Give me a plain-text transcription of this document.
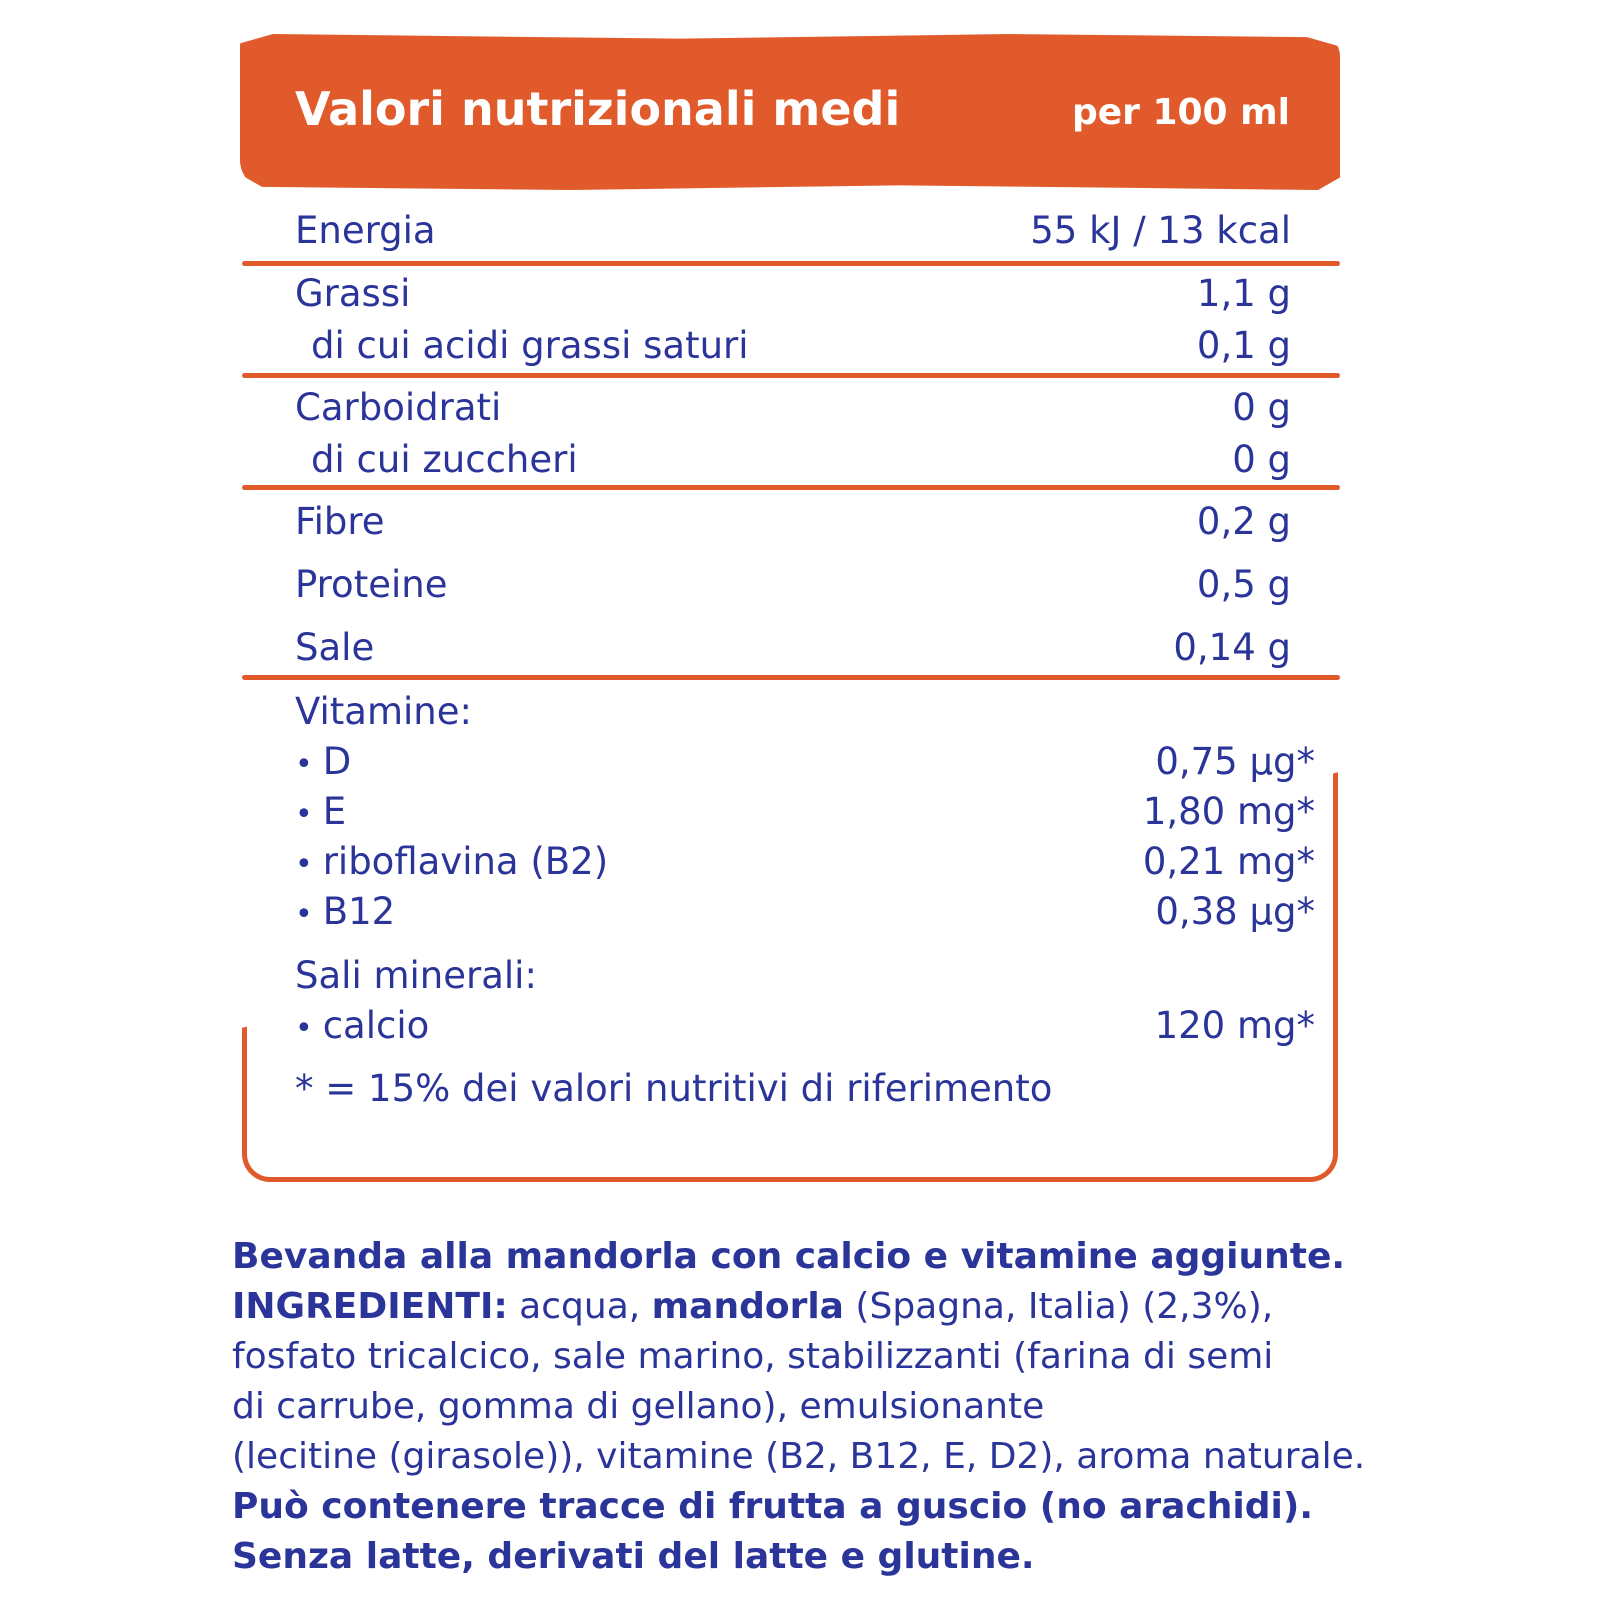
Valori nutrizionali medi	per 100 ml
Energia	55 kJ / 13 kcal
Grassi	1,1 g
di cui acidi grassi saturi	0,1 g
Carboidrati	0 g
di cui zuccheri	0 g
Fibre	0,2 g
Proteine	0,5 g
Sale	0,14 g
Vitamine:
• D	0,75 µg*
• E	1,80 mg*
• riboflavina (B2)	0,21 mg*
• B12	0,38 µg*
Sali minerali:
• calcio	120 mg*
* = 15% dei valori nutritivi di riferimento

Bevanda alla mandorla con calcio e vitamine aggiunte.

INGREDIENTI: acqua, mandorla (Spagna, Italia) (2,3%),

fosfato tricalcico, sale marino, stabilizzanti (farina di semi

di carrube, gomma di gellano), emulsionante

(lecitine (girasole)), vitamine (B2, B12, E, D2), aroma naturale.

Può contenere tracce di frutta a guscio (no arachidi).

Senza latte, derivati del latte e glutine.
